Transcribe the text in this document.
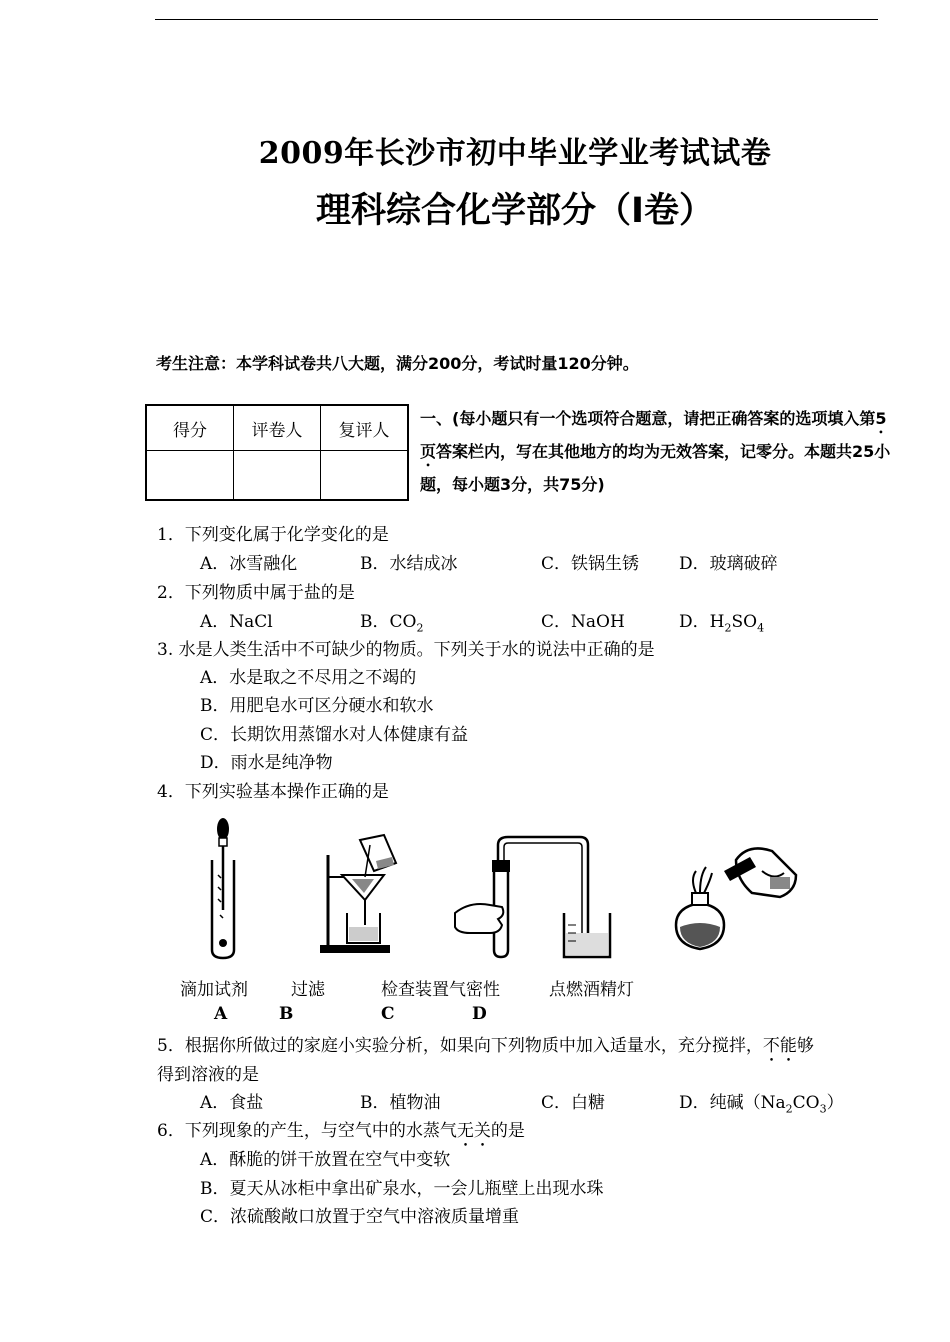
2009年长沙市初中毕业学业考试试卷
理科综合化学部分（Ⅰ卷）
考生注意：本学科试卷共八大题，满分200分，考试时量120分钟。
得分	评卷人	复评人

一、(每小题只有一个选项符合题意，请把正确答案的选项填入第5页答案栏内，写在其他地方的均为无效答案，记零分。本题共25小题，每小题3分，共75分)
1．下列变化属于化学变化的是
A．冰雪融化	B．水结成冰	C．铁锅生锈 D．玻璃破碎
2．下列物质中属于盐的是
A．NaCl	B．$CO_2$	C．NaOH	D．$H_2SO_4$
3. 水是人类生活中不可缺少的物质。下列关于水的说法中正确的是
A．水是取之不尽用之不竭的
B．用肥皂水可区分硬水和软水
C．长期饮用蒸馏水对人体健康有益
D．雨水是纯净物
4．下列实验基本操作正确的是
滴加试剂	过滤	检查装置气密性	点燃酒精灯
A	B	C	D
5．根据你所做过的家庭小实验分析，如果向下列物质中加入适量水，充分搅拌，不能够
得到溶液的是
A．食盐	B．植物油	C．白糖	D．纯碱$(Na_2CO_3)$
6．下列现象的产生，与空气中的水蒸气无关的是
A．酥脆的饼干放置在空气中变软
B．夏天从冰柜中拿出矿泉水，一会儿瓶壁上出现水珠
C．浓硫酸敞口放置于空气中溶液质量增重
